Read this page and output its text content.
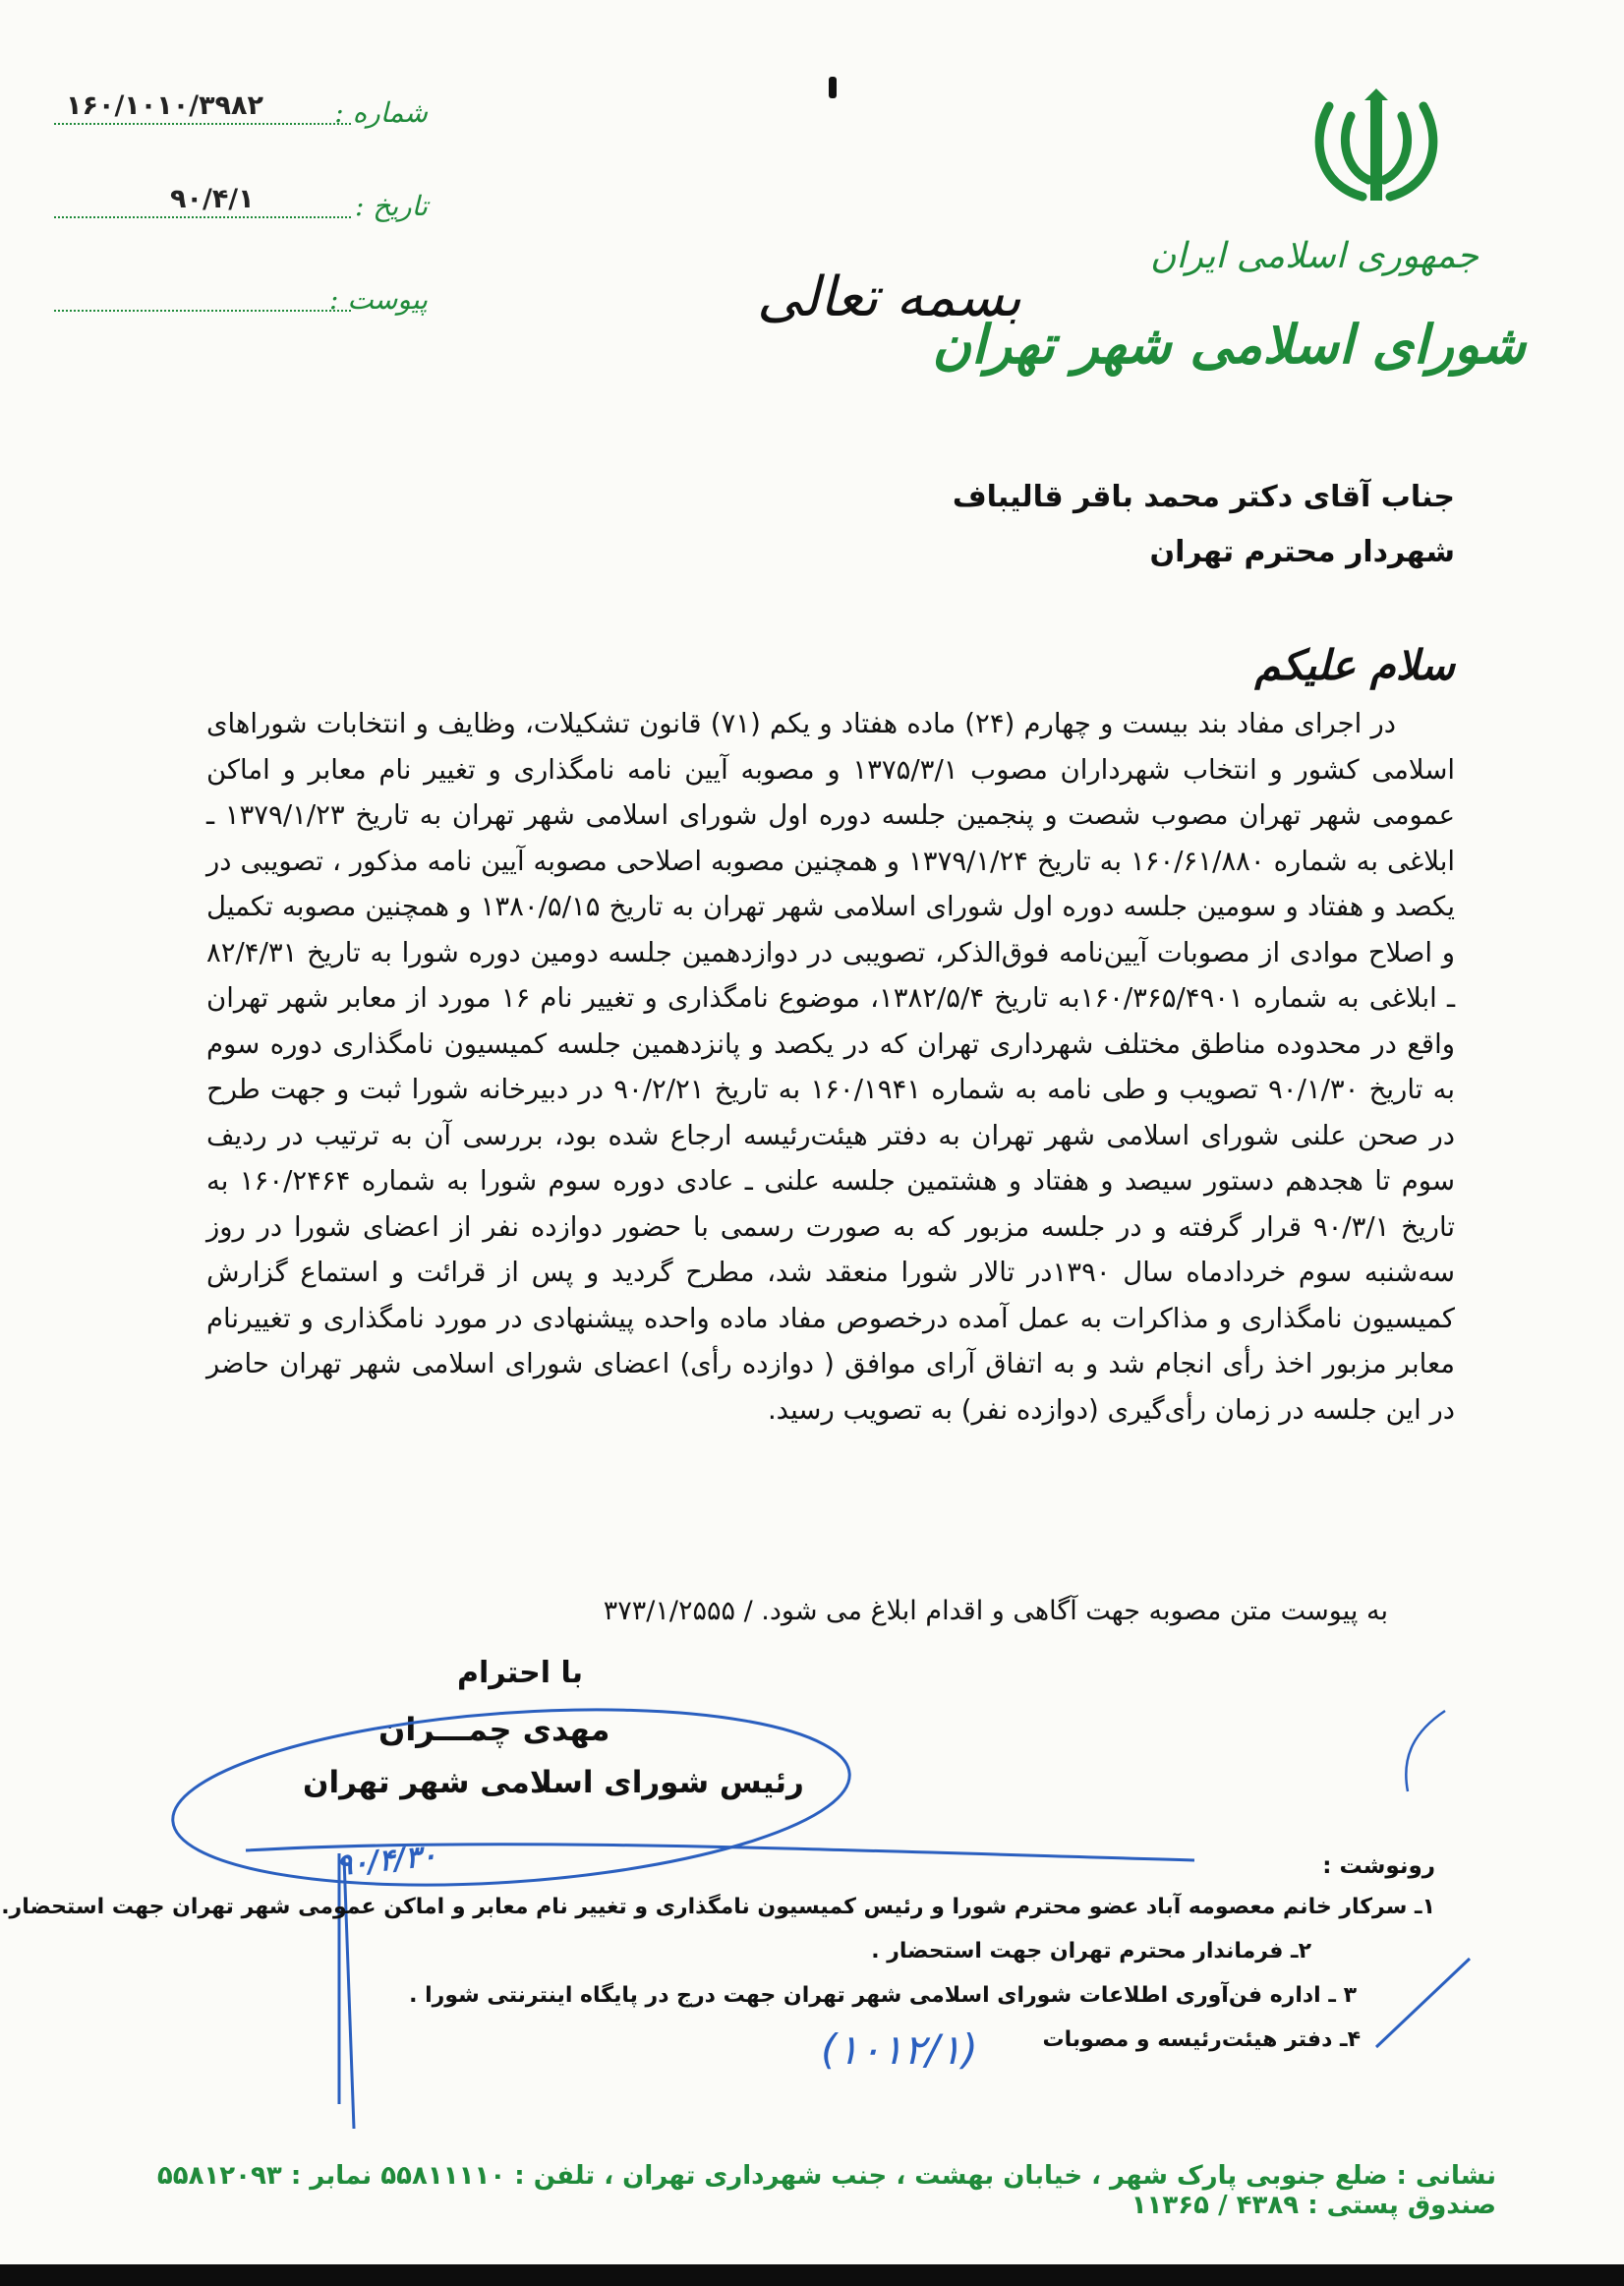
شماره :
۱۶۰/۱۰۱۰/۳۹۸۲
تاریخ :
۹۰/۴/۱
پیوست :
جمهوری اسلامی ایران
شورای اسلامی شهر تهران
بسمه تعالی
جناب آقای دکتر محمد باقر قالیباف
شهردار محترم تهران
سلام علیکم
در اجرای مفاد بند بیست و چهارم (۲۴) ماده هفتاد و یکم (۷۱) قانون تشکیلات، وظایف و انتخابات شوراهای اسلامی کشور و انتخاب شهرداران مصوب ۱۳۷۵/۳/۱ و مصوبه آیین نامه نامگذاری و تغییر نام معابر و اماکن عمومی شهر تهران مصوب شصت و پنجمین جلسه دوره اول شورای اسلامی شهر تهران به تاریخ ۱۳۷۹/۱/۲۳ ـ ابلاغی به شماره ۱۶۰/۶۱/۸۸۰ به تاریخ ۱۳۷۹/۱/۲۴ و همچنین مصوبه اصلاحی مصوبه آیین نامه مذکور ، تصویبی در یکصد و هفتاد و سومین جلسه دوره اول شورای اسلامی شهر تهران به تاریخ ۱۳۸۰/۵/۱۵ و همچنین مصوبه تکمیل و اصلاح موادی از مصوبات آیین‌نامه فوق‌الذکر، تصویبی در دوازدهمین جلسه دومین دوره شورا به تاریخ ۸۲/۴/۳۱ ـ ابلاغی به شماره ۱۶۰/۳۶۵/۴۹۰۱به تاریخ ۱۳۸۲/۵/۴، موضوع نامگذاری و تغییر نام ۱۶ مورد از معابر شهر تهران واقع در محدوده مناطق مختلف شهرداری تهران که در یکصد و پانزدهمین جلسه کمیسیون نامگذاری دوره سوم به تاریخ ۹۰/۱/۳۰ تصویب و طی نامه به شماره ۱۶۰/۱۹۴۱ به تاریخ ۹۰/۲/۲۱ در دبیرخانه شورا ثبت و جهت طرح در صحن علنی شورای اسلامی شهر تهران به دفتر هیئت‌رئیسه ارجاع شده بود، بررسی آن به ترتیب در ردیف سوم تا هجدهم دستور سیصد و هفتاد و هشتمین جلسه علنی ـ عادی دوره سوم شورا به شماره ۱۶۰/۲۴۶۴ به تاریخ ۹۰/۳/۱ قرار گرفته و در جلسه مزبور که به صورت رسمی با حضور دوازده نفر از اعضای شورا در روز سه‌شنبه سوم خردادماه سال ۱۳۹۰در تالار شورا منعقد شد، مطرح گردید و پس از قرائت و استماع گزارش کمیسیون نامگذاری و مذاکرات به عمل آمده درخصوص مفاد ماده واحده پیشنهادی در مورد نامگذاری و تغییرنام معابر مزبور اخذ رأی انجام شد و به اتفاق آرای موافق ( دوازده رأی) اعضای شورای اسلامی شهر تهران حاضر در این جلسه در زمان رأی‌گیری (دوازده نفر) به تصویب رسید.
به پیوست متن مصوبه جهت آگاهی و اقدام ابلاغ می شود. / ۳۷۳/۱/۲۵۵۵
با احترام
مهدی چمـــران
رئیس شورای اسلامی شهر تهران
۹۰/۴/۳۰	رونوشت :
۱ـ سرکار خانم معصومه آباد عضو محترم شورا و رئیس کمیسیون نامگذاری و تغییر نام معابر و اماکن عمومی شهر تهران جهت استحضار.
۲ـ فرماندار محترم تهران جهت استحضار .
۳ ـ اداره فن‌آوری اطلاعات شورای اسلامی شهر تهران جهت درج در پایگاه اینترنتی شورا .
۴ـ دفتر هیئت‌رئیسه و مصوبات
(۱۰۱۲/۱)
نشانی : ضلع جنوبی پارک شهر ، خیابان بهشت ، جنب شهرداری تهران ، تلفن : ۵۵۸۱۱۱۱۰ نمابر : ۵۵۸۱۲۰۹۳ صندوق پستی : ۴۳۸۹ / ۱۱۳۶۵
